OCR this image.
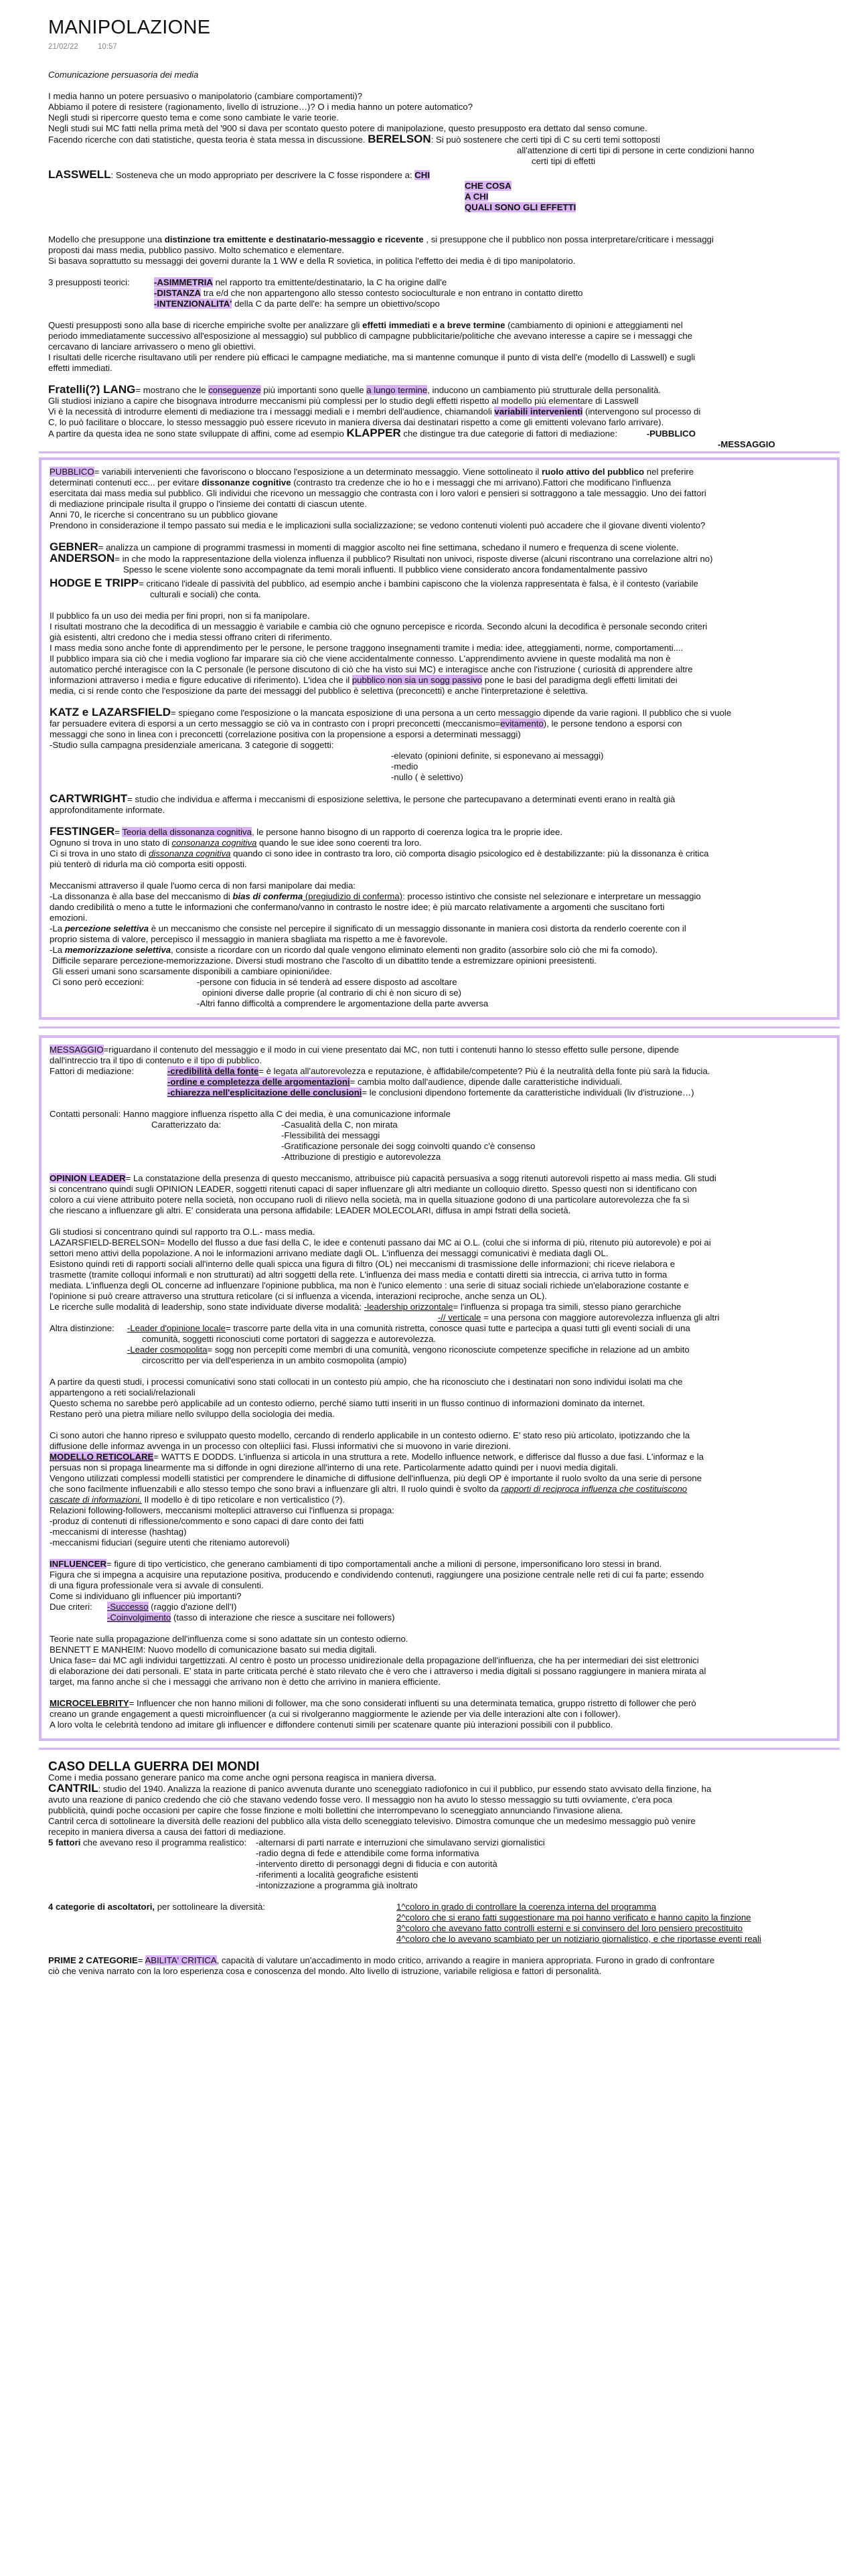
MANIPOLAZIONE
21/02/22	10:57

Comunicazione persuasoria dei media

I media hanno un potere persuasivo o manipolatorio (cambiare comportamenti)?

Abbiamo il potere di resistere (ragionamento, livello di istruzione…)? O i media hanno un potere automatico?

Negli studi si ripercorre questo tema e come sono cambiate le varie teorie.

Negli studi sui MC fatti nella prima metà del '900 si dava per scontato questo potere di manipolazione, questo presupposto era dettato dal senso comune.

Facendo ricerche con dati statistiche, questa teoria è stata messa in discussione. BERELSON: Si può sostenere che certi tipi di C su certi temi sottoposti

all'attenzione di certi tipi di persone in certe condizioni hanno

certi tipi di effetti

LASSWELL: Sosteneva che un modo appropriato per descrivere la C fosse rispondere a: CHI

CHE COSA

A CHI

QUALI SONO GLI EFFETTI

Modello che presuppone una distinzione tra emittente e destinatario-messaggio e ricevente , si presuppone che il pubblico non possa interpretare/criticare i messaggi

proposti dai mass media, pubblico passivo. Molto schematico e elementare.

Si basava soprattutto su messaggi dei governi durante la 1 WW e della R sovietica, in politica l'effetto dei media è di tipo manipolatorio.

3 presupposti teorici:	-ASIMMETRIA nel rapporto tra emittente/destinatario, la C ha origine dall'e

-DISTANZA tra e/d che non appartengono allo stesso contesto socioculturale e non entrano in contatto diretto

-INTENZIONALITA' della C da parte dell'e: ha sempre un obiettivo/scopo

Questi presupposti sono alla base di ricerche empiriche svolte per analizzare gli effetti immediati e a breve termine (cambiamento di opinioni e atteggiamenti nel

periodo immediatamente successivo all'esposizione al messaggio) sul pubblico di campagne pubblicitarie/politiche che avevano interesse a capire se i messaggi che

cercavano di lanciare arrivassero o meno gli obiettivi.

I risultati delle ricerche risultavano utili per rendere più efficaci le campagne mediatiche, ma si mantenne comunque il punto di vista dell'e (modello di Lasswell) e sugli

effetti immediati.

Fratelli(?) LANG= mostrano che le conseguenze più importanti sono quelle a lungo termine, inducono un cambiamento più strutturale della personalità.

Gli studiosi iniziano a capire che bisognava introdurre meccanismi più complessi per lo studio degli effetti rispetto al modello più elementare di Lasswell

Vi è la necessità di introdurre elementi di mediazione tra i messaggi mediali e i membri dell'audience, chiamandoli variabili intervenienti (intervengono sul processo di

C, lo può facilitare o bloccare, lo stesso messaggio può essere ricevuto in maniera diversa dai destinatari rispetto a come gli emittenti volevano farlo arrivare).

A partire da questa idea ne sono state sviluppate di affini, come ad esempio KLAPPER che distingue tra due categorie di fattori di mediazione:	-PUBBLICO

-MESSAGGIO

PUBBLICO= variabili intervenienti che favoriscono o bloccano l'esposizione a un determinato messaggio. Viene sottolineato il ruolo attivo del pubblico nel preferire

determinati contenuti ecc... per evitare dissonanze cognitive (contrasto tra credenze che io ho e i messaggi che mi arrivano).Fattori che modificano l'influenza

esercitata dai mass media sul pubblico. Gli individui che ricevono un messaggio che contrasta con i loro valori e pensieri si sottraggono a tale messaggio. Uno dei fattori

di mediazione principale risulta il gruppo o l'insieme dei contatti di ciascun utente.

Anni 70, le ricerche si concentrano su un pubblico giovane

Prendono in considerazione il tempo passato sui media e le implicazioni sulla socializzazione; se vedono contenuti violenti può accadere che il giovane diventi violento?

GEBNER= analizza un campione di programmi trasmessi in momenti di maggior ascolto nei fine settimana, schedano il numero e frequenza di scene violente.

ANDERSON= in che modo la rappresentazione della violenza influenza il pubblico? Risultati non univoci, risposte diverse (alcuni riscontrano una correlazione altri no)

Spesso le scene violente sono accompagnate da temi morali influenti. Il pubblico viene considerato ancora fondamentalmente passivo

HODGE E TRIPP= criticano l'ideale di passività del pubblico, ad esempio anche i bambini capiscono che la violenza rappresentata è falsa, è il contesto (variabile

culturali e sociali) che conta.

Il pubblico fa un uso dei media per fini propri, non si fa manipolare.

I risultati mostrano che la decodifica di un messaggio è variabile e cambia ciò che ognuno percepisce e ricorda. Secondo alcuni la decodifica è personale secondo criteri

già esistenti, altri credono che i media stessi offrano criteri di riferimento.

I mass media sono anche fonte di apprendimento per le persone, le persone traggono insegnamenti tramite i media: idee, atteggiamenti, norme, comportamenti....

Il pubblico impara sia ciò che i media vogliono far imparare sia ciò che viene accidentalmente connesso. L'apprendimento avviene in queste modalità ma non è

automatico perché interagisce con la C personale (le persone discutono di ciò che ha visto sui MC) e interagisce anche con l'istruzione ( curiosità di apprendere altre

informazioni attraverso i media e figure educative di riferimento). L'idea che il pubblico non sia un sogg passivo pone le basi del paradigma degli effetti limitati dei

media, ci si rende conto che l'esposizione da parte dei messaggi del pubblico è selettiva (preconcetti) e anche l'interpretazione è selettiva.

KATZ e LAZARSFIELD= spiegano come l'esposizione o la mancata esposizione di una persona a un certo messaggio dipende da varie ragioni. Il pubblico che si vuole

far persuadere evitera di esporsi a un certo messaggio se ciò va in contrasto con i propri preconcetti (meccanismo=evitamento), le persone tendono a esporsi con

messaggi che sono in linea con i preconcetti (correlazione positiva con la propensione a esporsi a determinati messaggi)

-Studio sulla campagna presidenziale americana. 3 categorie di soggetti:

-elevato (opinioni definite, si esponevano ai messaggi)

-medio

-nullo ( è selettivo)

CARTWRIGHT= studio che individua e afferma i meccanismi di esposizione selettiva, le persone che partecupavano a determinati eventi erano in realtà già

approfonditamente informate.

FESTINGER= Teoria della dissonanza cognitiva, le persone hanno bisogno di un rapporto di coerenza logica tra le proprie idee.

Ognuno si trova in uno stato di consonanza cognitiva quando le sue idee sono coerenti tra loro.

Ci si trova in uno stato di dissonanza cognitiva quando ci sono idee in contrasto tra loro, ciò comporta disagio psicologico ed è destabilizzante: più la dissonanza è critica

più tenterò di ridurla ma ciò comporta esiti opposti.

Meccanismi attraverso il quale l'uomo cerca di non farsi manipolare dai media:

-La dissonanza è alla base del meccanismo di bias di conferma (pregiudizio di conferma): processo istintivo che consiste nel selezionare e interpretare un messaggio

dando credibilità o meno a tutte le informazioni che confermano/vanno in contrasto le nostre idee; è più marcato relativamente a argomenti che suscitano forti

emozioni.

-La percezione selettiva è un meccanismo che consiste nel percepire il significato di un messaggio dissonante in maniera così distorta da renderlo coerente con il

proprio sistema di valore, percepisco il messaggio in maniera sbagliata ma rispetto a me è favorevole.

-La memorizzazione selettiva, consiste a ricordare con un ricordo dal quale vengono eliminato elementi non gradito (assorbire solo ciò che mi fa comodo).

Difficile separare percezione-memorizzazione. Diversi studi mostrano che l'ascolto di un dibattito tende a estremizzare opinioni preesistenti.

Gli esseri umani sono scarsamente disponibili a cambiare opinioni/idee.

Ci sono però eccezioni:	-persone con fiducia in sé tenderà ad essere disposto ad ascoltare

opinioni diverse dalle proprie (al contrario di chi è non sicuro di se)

-Altri fanno difficoltà a comprendere le argomentazione della parte avversa

MESSAGGIO=riguardano il contenuto del messaggio e il modo in cui viene presentato dai MC, non tutti i contenuti hanno lo stesso effetto sulle persone, dipende

dall'intreccio tra il tipo di contenuto e il tipo di pubblico.

Fattori di mediazione:	-credibilità della fonte= è legata all'autorevolezza e reputazione, è affidabile/competente? Più è la neutralità della fonte più sarà la fiducia.

-ordine e completezza delle argomentazioni= cambia molto dall'audience, dipende dalle caratteristiche individuali.

-chiarezza nell'esplicitazione delle conclusioni= le conclusioni dipendono fortemente da caratteristiche individuali (liv d'istruzione…)

Contatti personali: Hanno maggiore influenza rispetto alla C dei media, è una comunicazione informale

Caratterizzato da:	-Casualità della C, non mirata

-Flessibilità dei messaggi

-Gratificazione personale dei sogg coinvolti quando c'è consenso

-Attribuzione di prestigio e autorevolezza

OPINION LEADER= La constatazione della presenza di questo meccanismo, attribuisce più capacità persuasiva a sogg ritenuti autorevoli rispetto ai mass media. Gli studi

si concentrano quindi sugli OPINION LEADER, soggetti ritenuti capaci di saper influenzare gli altri mediante un colloquio diretto. Spesso questi non si identificano con

coloro a cui viene attribuito potere nella società, non occupano ruoli di rilievo nella società, ma in quella situazione godono di una particolare autorevolezza che fa sì

che riescano a influenzare gli altri. E' considerata una persona affidabile: LEADER MOLECOLARI, diffusa in ampi fstrati della società.

Gli studiosi si concentrano quindi sul rapporto tra O.L.- mass media.

LAZARSFIELD-BERELSON= Modello del flusso a due fasi della C, le idee e contenuti passano dai MC ai O.L. (colui che si informa di più, ritenuto più autorevole) e poi ai

settori meno attivi della popolazione. A noi le informazioni arrivano mediate dagli OL. L'influenza dei messaggi comunicativi è mediata dagli OL.

Esistono quindi reti di rapporti sociali all'interno delle quali spicca una figura di filtro (OL) nei meccanismi di trasmissione delle informazioni; chi riceve rielabora e

trasmette (tramite colloqui informali e non strutturati) ad altri soggetti della rete. L'influenza dei mass media e contatti diretti sia intreccia, ci arriva tutto in forma

mediata. L'influenza degli OL concerne ad influenzare l'opinione pubblica, ma non è l'unico elemento : una serie di situaz sociali richiede un'elaborazione costante e

l'opinione si può creare attraverso una struttura reticolare (ci si influenza a vicenda, interazioni reciproche, anche senza un OL).

Le ricerche sulle modalità di leadership, sono state individuate diverse modalità: -leadership orizzontale= l'influenza si propaga tra simili, stesso piano gerarchiche

-// verticale = una persona con maggiore autorevolezza influenza gli altri

Altra distinzione:	-Leader d'opinione locale= trascorre parte della vita in una comunità ristretta, conosce quasi tutte e partecipa a quasi tutti gli eventi sociali di una

comunità, soggetti riconosciuti come portatori di saggezza e autorevolezza.

-Leader cosmopolita= sogg non percepiti come membri di una comunità, vengono riconosciute competenze specifiche in relazione ad un ambito

circoscritto per via dell'esperienza in un ambito cosmopolita (ampio)

A partire da questi studi, i processi comunicativi sono stati collocati in un contesto più ampio, che ha riconosciuto che i destinatari non sono individui isolati ma che

appartengono a reti sociali/relazionali

Questo schema no sarebbe però applicabile ad un contesto odierno, perché siamo tutti inseriti in un flusso continuo di informazioni dominato da internet.

Restano però una pietra miliare nello sviluppo della sociologia dei media.

Ci sono autori che hanno ripreso e sviluppato questo modello, cercando di renderlo applicabile in un contesto odierno. E' stato reso più articolato, ipotizzando che la

diffusione delle informaz avvenga in un processo con oltepliici fasi. Flussi informativi che si muovono in varie direzioni.

MODELLO RETICOLARE= WATTS E DODDS. L'influenza si articola in una struttura a rete. Modello influence network, e differisce dal flusso a due fasi. L'informaz e la

persuas non si propaga linearmente ma si diffonde in ogni direzione all'interno di una rete. Particolarmente adatto quindi per i nuovi media digitali.

Vengono utilizzati complessi modelli statistici per comprendere le dinamiche di diffusione dell'influenza, più degli OP è importante il ruolo svolto da una serie di persone

che sono facilmente influenzabili e allo stesso tempo che sono bravi a influenzare gli altri. Il ruolo quindi è svolto da rapporti di reciproca influenza che costituiscono

cascate di informazioni. Il modello è di tipo reticolare e non verticalistico (?).

Relazioni following-followers, meccanismi molteplici attraverso cui l'influenza si propaga:

-produz di contenuti di riflessione/commento e sono capaci di dare conto dei fatti

-meccanismi di interesse (hashtag)

-meccanismi fiduciari (seguire utenti che riteniamo autorevoli)

INFLUENCER= figure di tipo verticistico, che generano cambiamenti di tipo comportamentali anche a milioni di persone, impersonificano loro stessi in brand.

Figura che si impegna a acquisire una reputazione positiva, producendo e condividendo contenuti, raggiungere una posizione centrale nelle reti di cui fa parte; essendo

di una figura professionale vera si avvale di consulenti.

Come si individuano gli influencer più importanti?

Due criteri:	-Successo (raggio d'azione dell'I)

-Coinvolgimento (tasso di interazione che riesce a suscitare nei followers)

Teorie nate sulla propagazione dell'influenza come si sono adattate sin un contesto odierno.

BENNETT E MANHEIM: Nuovo modello di comunicazione basato sui media digitali.

Unica fase= dai MC agli individui targettizzati. Al centro è posto un processo unidirezionale della propagazione dell'influenza, che ha per intermediari dei sist elettronici

di elaborazione dei dati personali. E' stata in parte criticata perché è stato rilevato che è vero che i attraverso i media digitali si possano raggiungere in maniera mirata al

target, ma fanno anche sì che i messaggi che arrivano non è detto che arrivino in maniera efficiente.

MICROCELEBRITY= Influencer che non hanno milioni di follower, ma che sono considerati influenti su una determinata tematica, gruppo ristretto di follower che però

creano un grande engagement a questi microinfluencer (a cui si rivolgeranno maggiormente le aziende per via delle interazioni alte con i follower).

A loro volta le celebrità tendono ad imitare gli influencer e diffondere contenuti simili per scatenare quante più interazioni possibili con il pubblico.

CASO DELLA GUERRA DEI MONDI

Come i media possano generare panico ma come anche ogni persona reagisca in maniera diversa.

CANTRIL: studio del 1940. Analizza la reazione di panico avvenuta durante uno sceneggiato radiofonico in cui il pubblico, pur essendo stato avvisato della finzione, ha

avuto una reazione di panico credendo che ciò che stavano vedendo fosse vero. Il messaggio non ha avuto lo stesso messaggio su tutti ovviamente, c'era poca

pubblicità, quindi poche occasioni per capire che fosse finzione e molti bollettini che interrompevano lo sceneggiato annunciando l'invasione aliena.

Cantril cerca di sottolineare la diversità delle reazioni del pubblico alla vista dello sceneggiato televisivo. Dimostra comunque che un medesimo messaggio può venire

recepito in maniera diversa a causa dei fattori di mediazione.

5 fattori che avevano reso il programma realistico:	-alternarsi di parti narrate e interruzioni che simulavano servizi giornalistici

-radio degna di fede e attendibile come forma informativa

-intervento diretto di personaggi degni di fiducia e con autorità

-riferimenti a località geografiche esistenti

-intonizzazione a programma già inoltrato

4 categorie di ascoltatori, per sottolineare la diversità:	1^coloro in grado di controllare la coerenza interna del programma

2^coloro che si erano fatti suggestionare ma poi hanno verificato e hanno capito la finzione

3^coloro che avevano fatto controlli esterni e si convinsero del loro pensiero precostituito

4^coloro che lo avevano scambiato per un notiziario giornalistico, e che riportasse eventi reali

PRIME 2 CATEGORIE= ABILITA' CRITICA, capacità di valutare un'accadimento in modo critico, arrivando a reagire in maniera appropriata. Furono in grado di confrontare

ciò che veniva narrato con la loro esperienza cosa e conoscenza del mondo. Alto livello di istruzione, variabile religiosa e fattori di personalità.
